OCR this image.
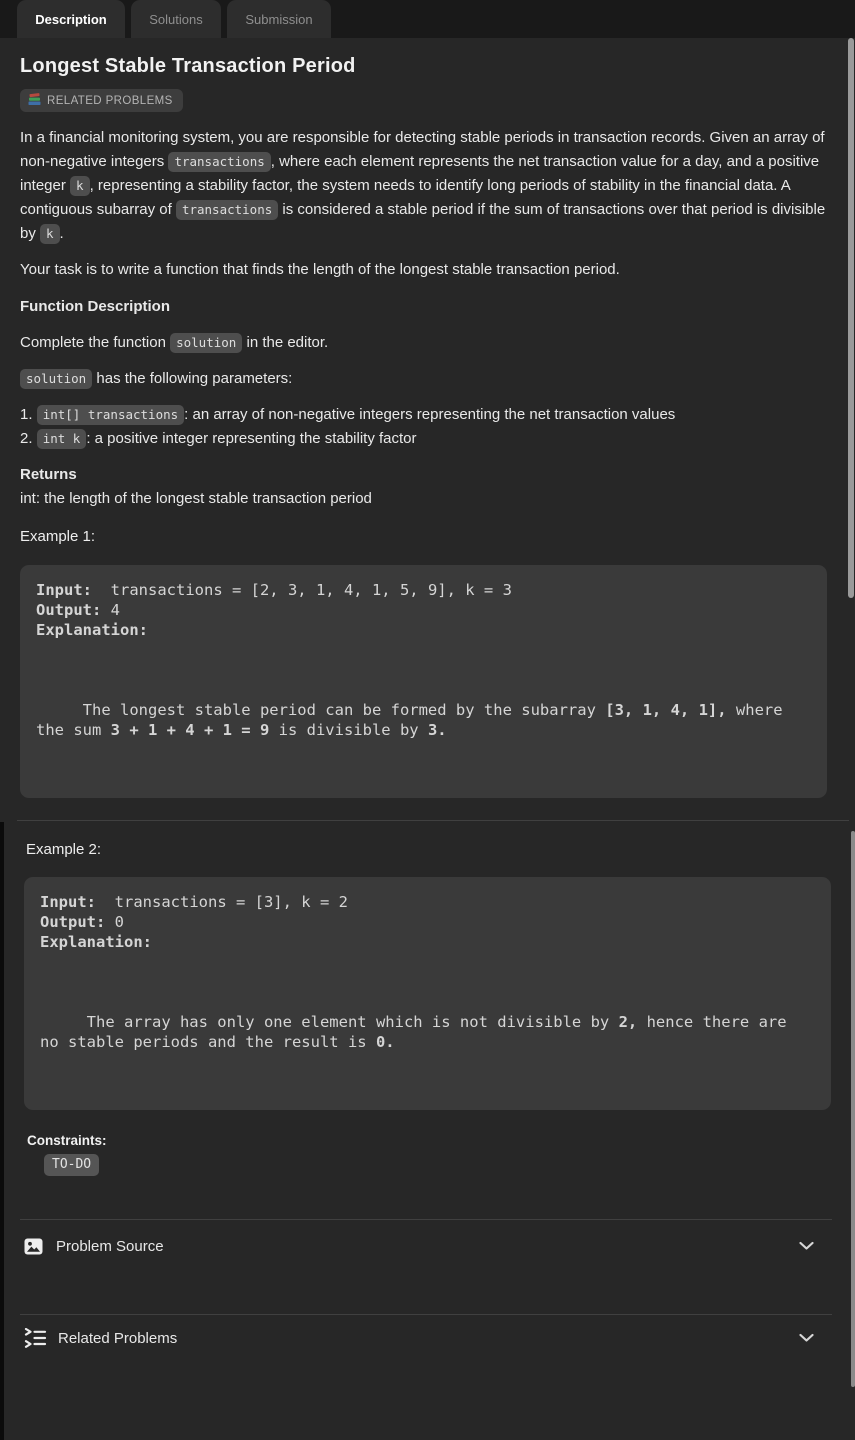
Description	Solutions	Submission
Longest Stable Transaction Period
RELATED PROBLEMS
In a financial monitoring system, you are responsible for detecting stable periods in transaction records. Given an array of non-negative integers transactions , where each element represents the net transaction value for a day, and a positive integer k , representing a stability factor, the system needs to identify long periods of stability in the financial data. A contiguous subarray of transactions is considered a stable period if the sum of transactions over that period is divisible by k .
Your task is to write a function that finds the length of the longest stable transaction period.
Function Description
Complete the function solution in the editor.
solution has the following parameters:
1. int[] transactions : an array of non-negative integers representing the net transaction values
2. int k : a positive integer representing the stability factor
Returns
int: the length of the longest stable transaction period
Example 1:
Input:  transactions = [2, 3, 1, 4, 1, 5, 9], k = 3
Output: 4
Explanation:

The longest stable period can be formed by the subarray [3, 1, 4, 1], where
the sum 3 + 1 + 4 + 1 = 9 is divisible by 3.
Example 2:
Input:  transactions = [3], k = 2
Output: 0
Explanation:

The array has only one element which is not divisible by 2, hence there are
no stable periods and the result is 0.
Constraints:
TO-DO
Problem Source
Related Problems
